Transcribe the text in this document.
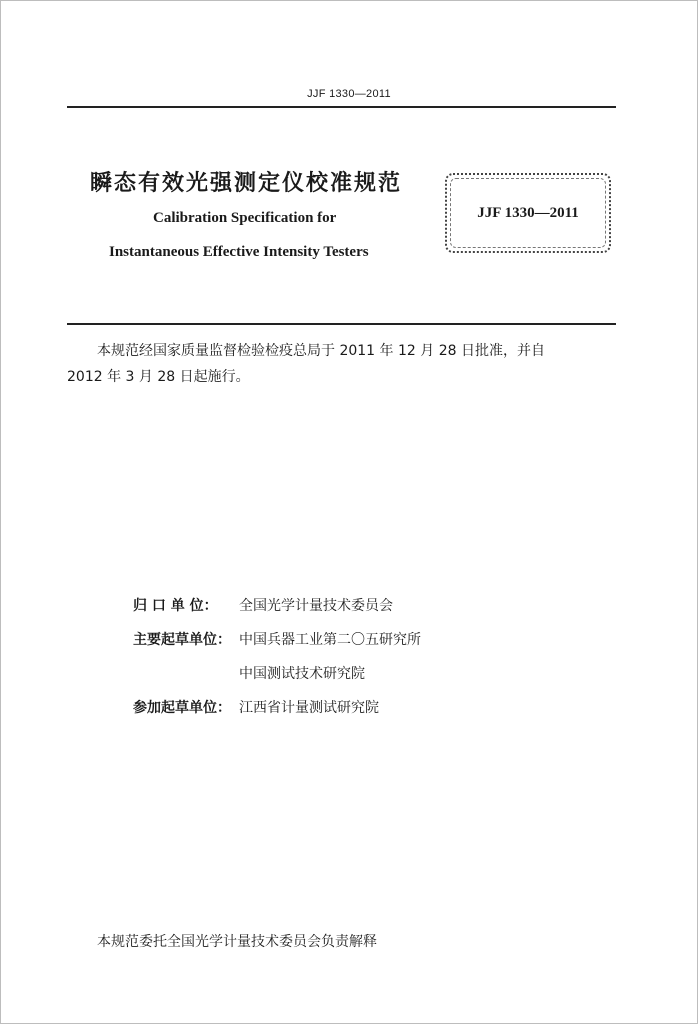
JJF 1330—2011
瞬态有效光强测定仪校准规范
Calibration Specification for
Instantaneous Effective Intensity Testers
JJF 1330—2011

本规范经国家质量监督检验检疫总局于 2011 年 12 月 28 日批准，并自

2012 年 3 月 28 日起施行。

归 口 单 位： 全国光学计量技术委员会
主要起草单位： 中国兵器工业第二〇五研究所
中国测试技术研究院
参加起草单位： 江西省计量测试研究院
本规范委托全国光学计量技术委员会负责解释
